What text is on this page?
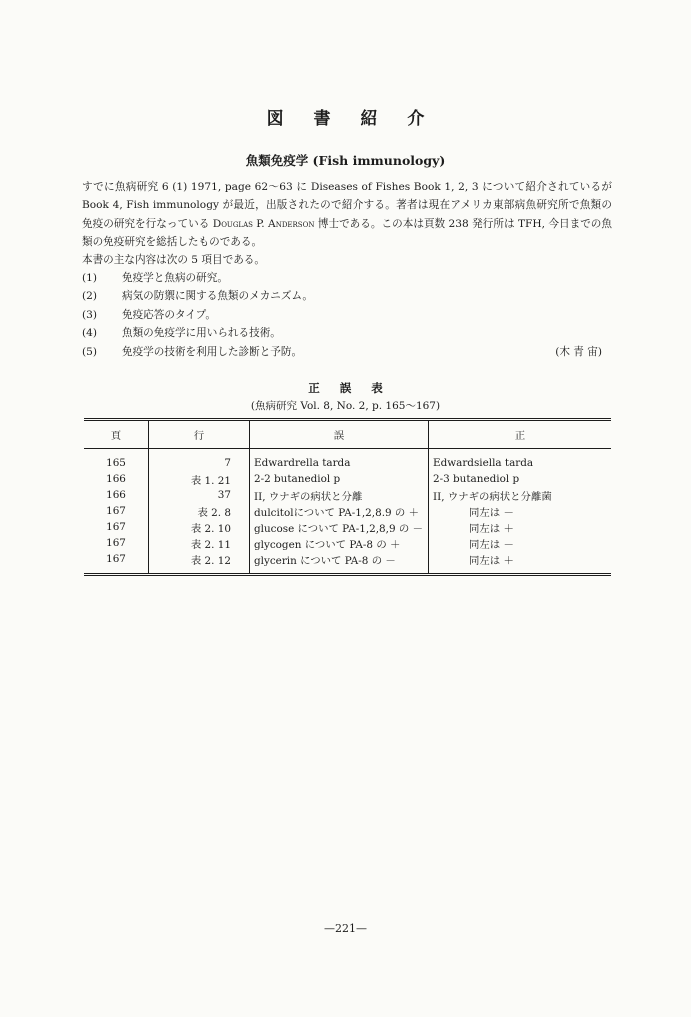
図 書 紹 介
魚類免疫学 (Fish immunology)

すでに魚病研究 6 (1) 1971, page 62～63 に Diseases of Fishes Book 1, 2, 3 について紹介されているが Book 4, Fish immunology が最近，出版されたので紹介する。著者は現在アメリカ東部病魚研究所で魚類の免疫の研究を行なっている Douglas P. Anderson 博士である。この本は頁数 238 発行所は TFH, 今日までの魚類の免疫研究を総括したものである。

本書の主な内容は次の 5 項目である。
(1)	免疫学と魚病の研究。
(2)	病気の防禦に関する魚類のメカニズム。
(3)	免疫応答のタイプ。
(4)	魚類の免疫学に用いられる技術。
(5)	免疫学の技術を利用した診断と予防。	(木 青 宙)
正 誤 表
(魚病研究 Vol. 8, No. 2, p. 165～167)
頁	行	誤	正
165	7	Edwardrella tarda	Edwardsiella tarda
166	表 1. 21	2-2 butanediol p	2-3 butanediol p
166	37	II, ウナギの病状と分離	II, ウナギの病状と分離菌
167	表 2. 8	dulcitolについて PA-1,2,8.9 の ＋	同左は －
167	表 2. 10	glucose について PA-1,2,8,9 の －	同左は ＋
167	表 2. 11	glycogen について PA-8 の ＋	同左は －
167	表 2. 12	glycerin について PA-8 の －	同左は ＋
—221—
